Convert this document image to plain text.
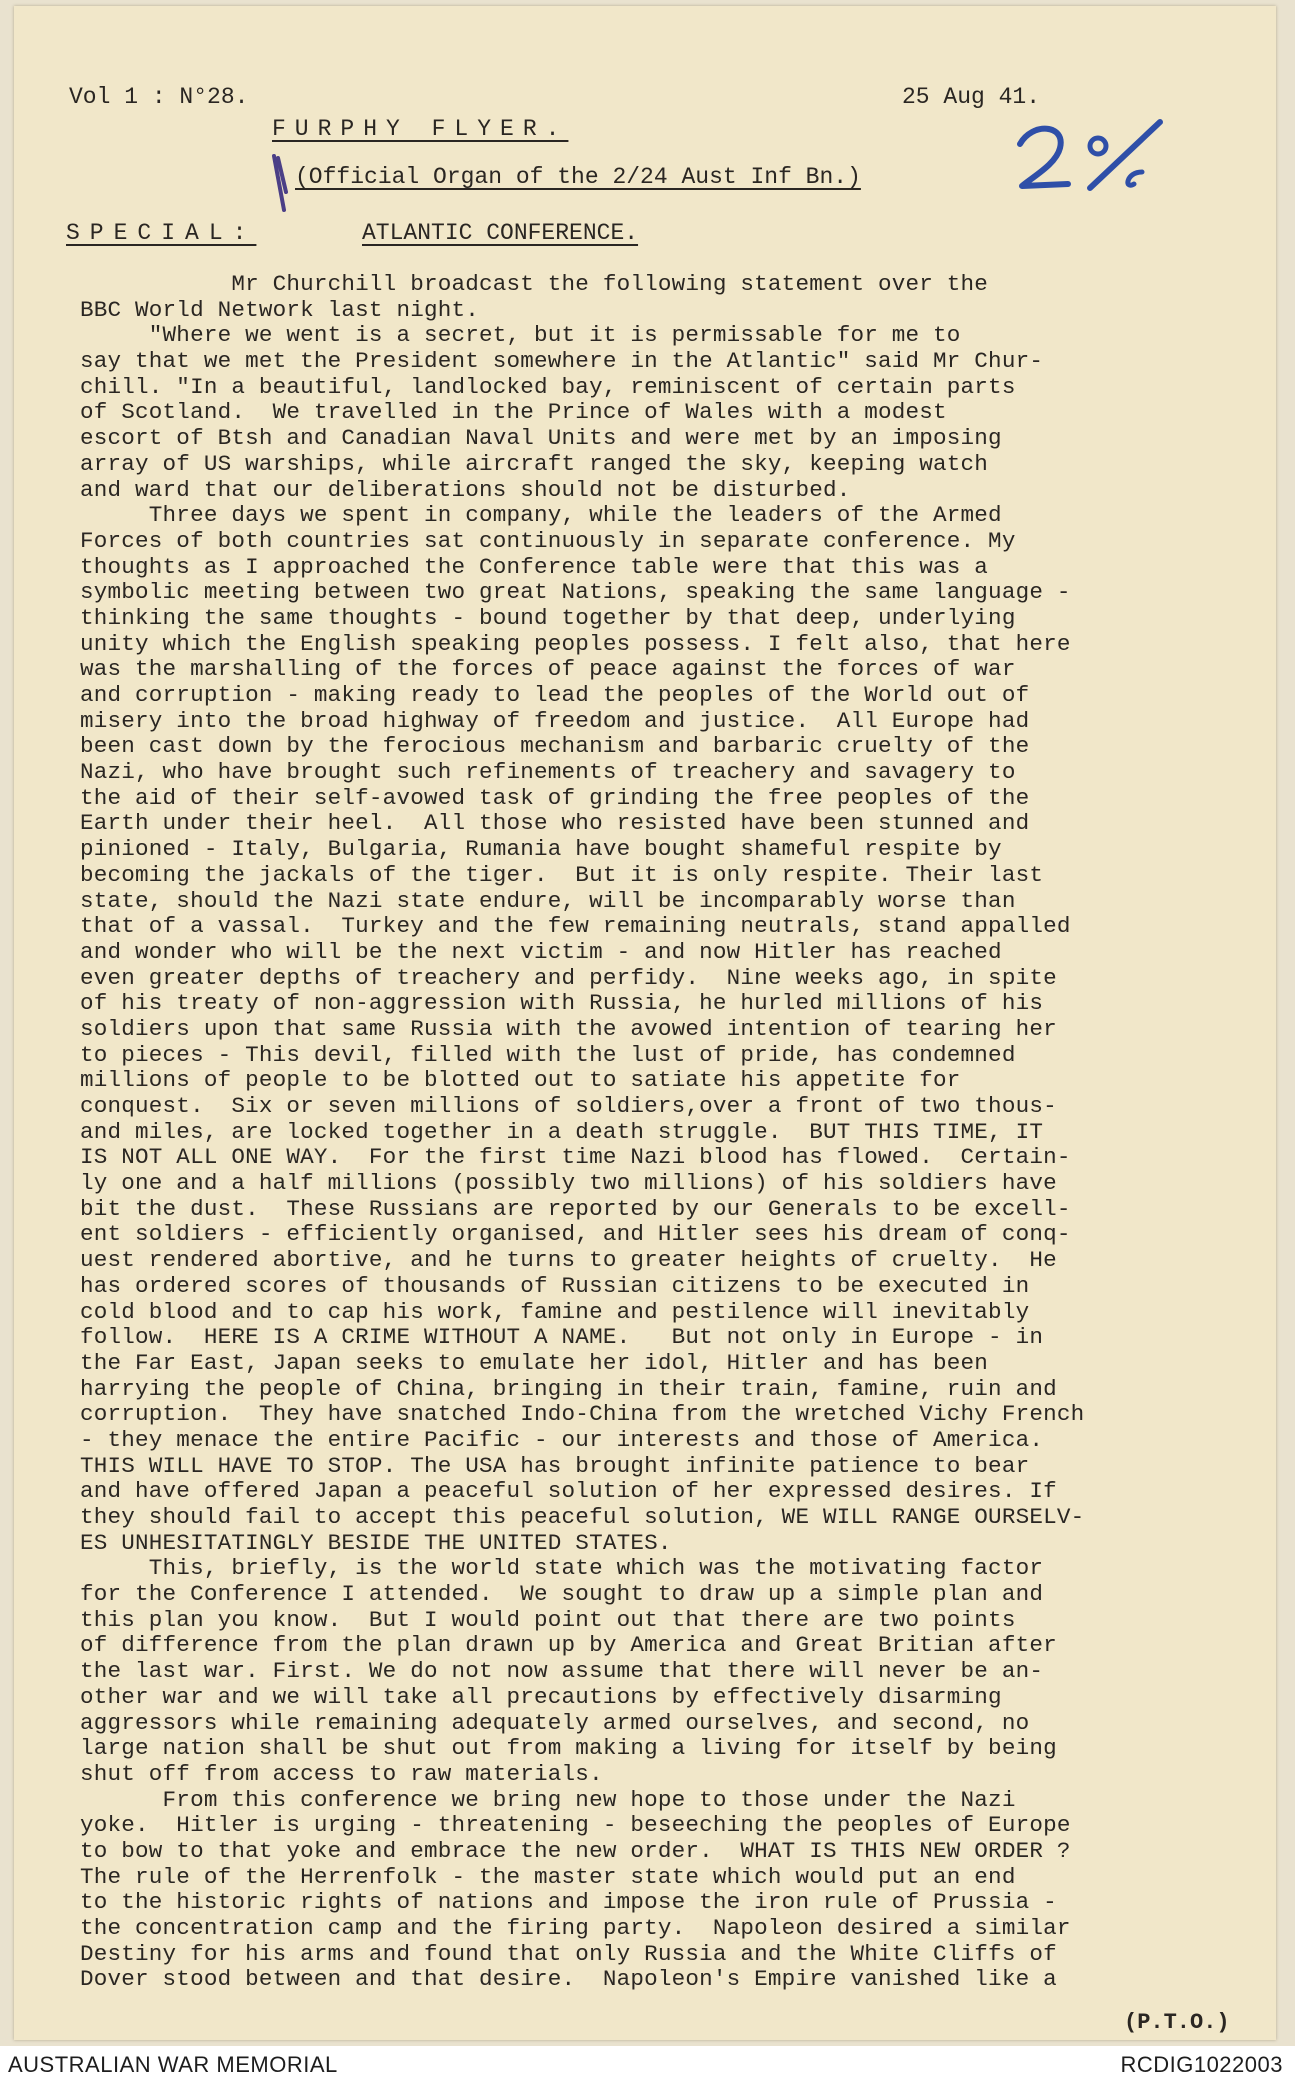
Vol 1 : N°28.
FURPHY FLYER.
25 Aug 41.
(Official Organ of the 2/24 Aust Inf Bn.)
SPECIAL:	ATLANTIC CONFERENCE.
Mr Churchill broadcast the following statement over the
BBC World Network last night.
"Where we went is a secret, but it is permissable for me to
say that we met the President somewhere in the Atlantic" said Mr Chur-
chill. "In a beautiful, landlocked bay, reminiscent of certain parts
of Scotland.  We travelled in the Prince of Wales with a modest
escort of Btsh and Canadian Naval Units and were met by an imposing
array of US warships, while aircraft ranged the sky, keeping watch
and ward that our deliberations should not be disturbed.
Three days we spent in company, while the leaders of the Armed
Forces of both countries sat continuously in separate conference. My
thoughts as I approached the Conference table were that this was a
symbolic meeting between two great Nations, speaking the same language -
thinking the same thoughts - bound together by that deep, underlying
unity which the English speaking peoples possess. I felt also, that here
was the marshalling of the forces of peace against the forces of war
and corruption - making ready to lead the peoples of the World out of
misery into the broad highway of freedom and justice.  All Europe had
been cast down by the ferocious mechanism and barbaric cruelty of the
Nazi, who have brought such refinements of treachery and savagery to
the aid of their self-avowed task of grinding the free peoples of the
Earth under their heel.  All those who resisted have been stunned and
pinioned - Italy, Bulgaria, Rumania have bought shameful respite by
becoming the jackals of the tiger.  But it is only respite. Their last
state, should the Nazi state endure, will be incomparably worse than
that of a vassal.  Turkey and the few remaining neutrals, stand appalled
and wonder who will be the next victim - and now Hitler has reached
even greater depths of treachery and perfidy.  Nine weeks ago, in spite
of his treaty of non-aggression with Russia, he hurled millions of his
soldiers upon that same Russia with the avowed intention of tearing her
to pieces - This devil, filled with the lust of pride, has condemned
millions of people to be blotted out to satiate his appetite for
conquest.  Six or seven millions of soldiers,over a front of two thous-
and miles, are locked together in a death struggle.  BUT THIS TIME, IT
IS NOT ALL ONE WAY.  For the first time Nazi blood has flowed.  Certain-
ly one and a half millions (possibly two millions) of his soldiers have
bit the dust.  These Russians are reported by our Generals to be excell-
ent soldiers - efficiently organised, and Hitler sees his dream of conq-
uest rendered abortive, and he turns to greater heights of cruelty.  He
has ordered scores of thousands of Russian citizens to be executed in
cold blood and to cap his work, famine and pestilence will inevitably
follow.  HERE IS A CRIME WITHOUT A NAME.   But not only in Europe - in
the Far East, Japan seeks to emulate her idol, Hitler and has been
harrying the people of China, bringing in their train, famine, ruin and
corruption.  They have snatched Indo-China from the wretched Vichy French
- they menace the entire Pacific - our interests and those of America.
THIS WILL HAVE TO STOP. The USA has brought infinite patience to bear
and have offered Japan a peaceful solution of her expressed desires. If
they should fail to accept this peaceful solution, WE WILL RANGE OURSELV-
ES UNHESITATINGLY BESIDE THE UNITED STATES.
This, briefly, is the world state which was the motivating factor
for the Conference I attended.  We sought to draw up a simple plan and
this plan you know.  But I would point out that there are two points
of difference from the plan drawn up by America and Great Britian after
the last war. First. We do not now assume that there will never be an-
other war and we will take all precautions by effectively disarming
aggressors while remaining adequately armed ourselves, and second, no
large nation shall be shut out from making a living for itself by being
shut off from access to raw materials.
From this conference we bring new hope to those under the Nazi
yoke.  Hitler is urging - threatening - beseeching the peoples of Europe
to bow to that yoke and embrace the new order.  WHAT IS THIS NEW ORDER ?
The rule of the Herrenfolk - the master state which would put an end
to the historic rights of nations and impose the iron rule of Prussia -
the concentration camp and the firing party.  Napoleon desired a similar
Destiny for his arms and found that only Russia and the White Cliffs of
Dover stood between and that desire.  Napoleon's Empire vanished like a
(P.T.O.)
AUSTRALIAN WAR MEMORIAL	RCDIG1022003
